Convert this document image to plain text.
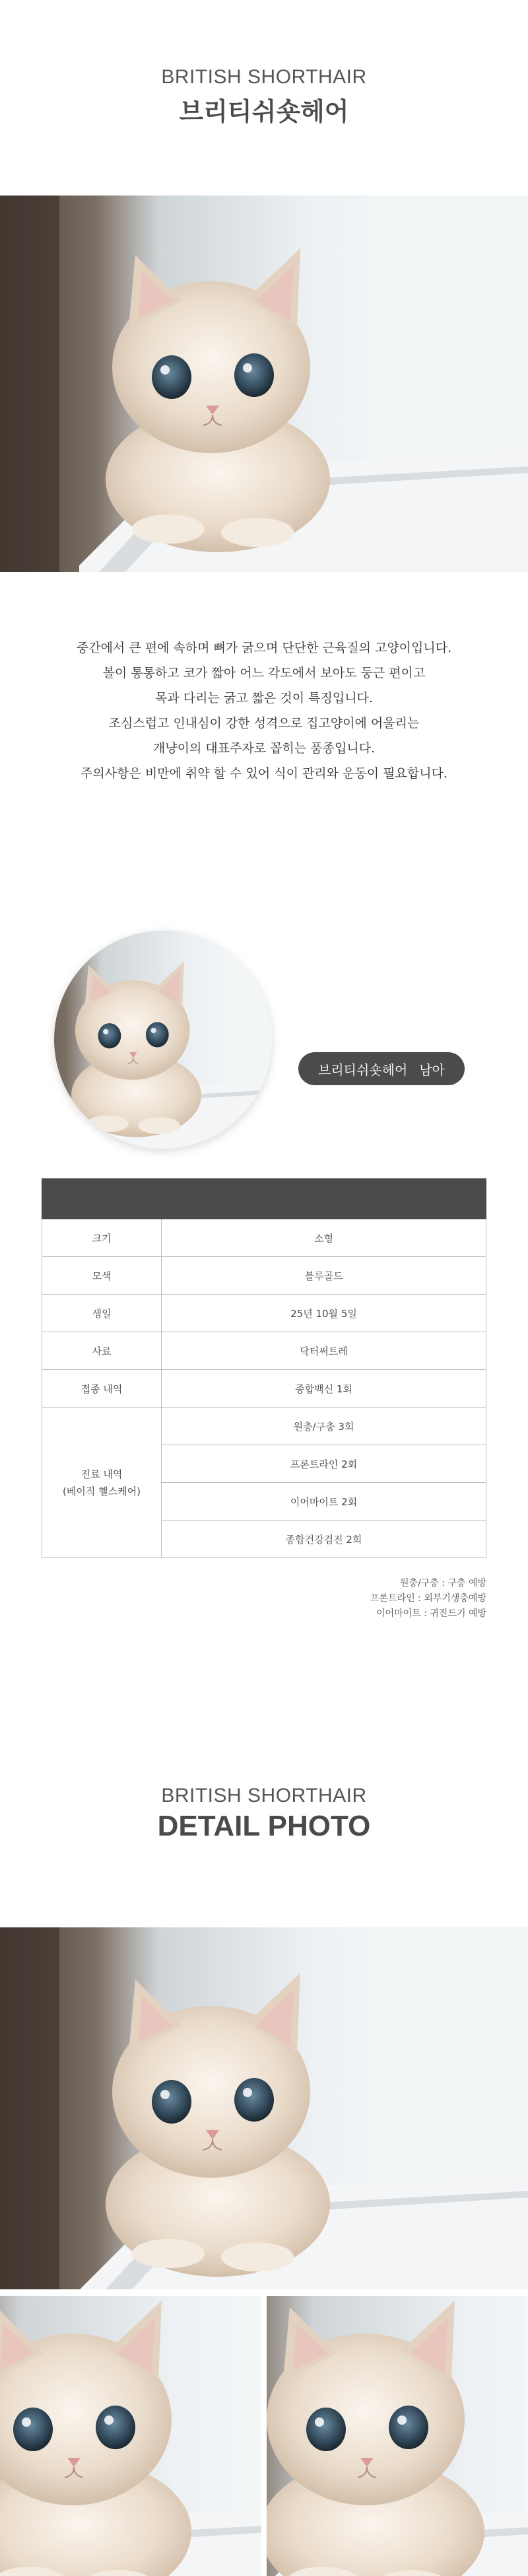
BRITISH SHORTHAIR
브리티쉬숏헤어

중간에서 큰 편에 속하며 뼈가 굵으며 단단한 근육질의 고양이입니다.

볼이 통통하고 코가 짧아 어느 각도에서 보아도 둥근 편이고

목과 다리는 굵고 짧은 것이 특징입니다.

조심스럽고 인내심이 강한 성격으로 집고양이에 어울리는

개냥이의 대표주자로 꼽히는 품종입니다.

주의사항은 비만에 취약 할 수 있어 식이 관리와 운동이 필요합니다.

브리티쉬숏헤어 남아

크기	소형
모색	블루골드
생일	25년 10월 5일
사료	닥터써트레
접종 내역	종합백신 1회

진료 내역
(베이직 헬스케어)	원충/구충 3회
	프론트라인 2회
	이어마이트 2회
	종합건강검진 2회
원충/구충 : 구충 예방
프론트라인 : 외부기생충예방
이어마이트 : 귀진드기 예방
BRITISH SHORTHAIR
DETAIL PHOTO
